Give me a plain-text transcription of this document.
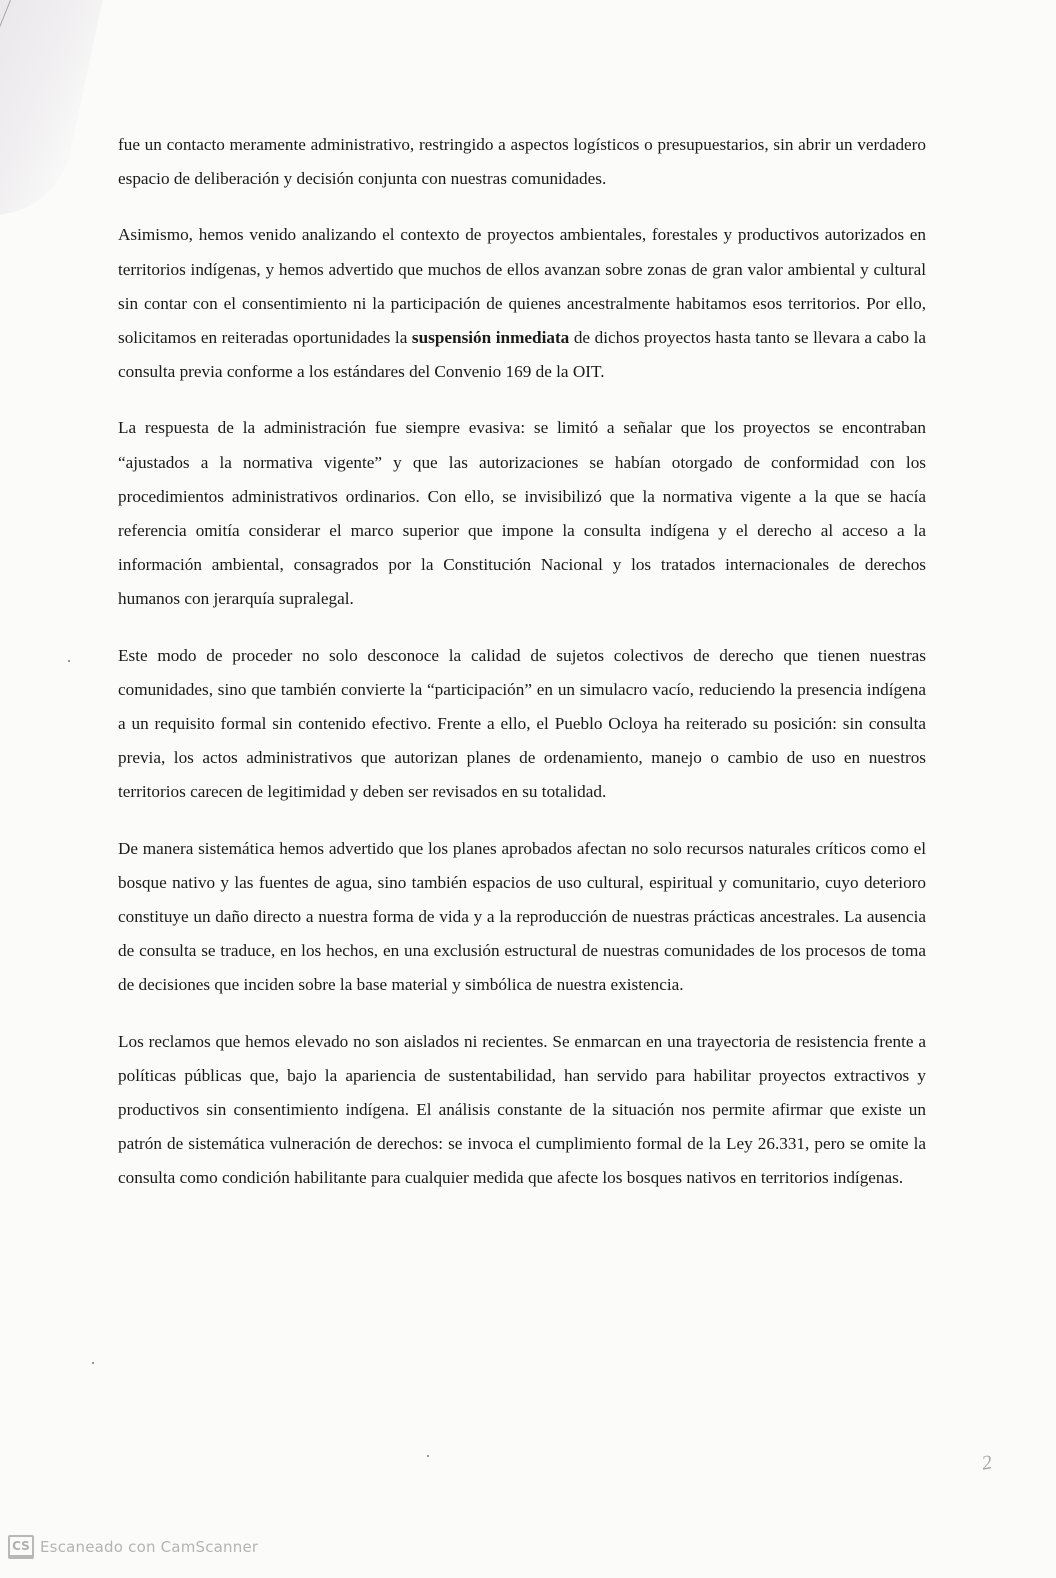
fue un contacto meramente administrativo, restringido a aspectos logísticos o presupuestarios, sin abrir un verdadero espacio de deliberación y decisión conjunta con nuestras comunidades.

Asimismo, hemos venido analizando el contexto de proyectos ambientales, forestales y productivos autorizados en territorios indígenas, y hemos advertido que muchos de ellos avanzan sobre zonas de gran valor ambiental y cultural sin contar con el consentimiento ni la participación de quienes ancestralmente habitamos esos territorios. Por ello, solicitamos en reiteradas oportunidades la suspensión inmediata de dichos proyectos hasta tanto se llevara a cabo la consulta previa conforme a los estándares del Convenio 169 de la OIT.

La respuesta de la administración fue siempre evasiva: se limitó a señalar que los proyectos se encontraban “ajustados a la normativa vigente” y que las autorizaciones se habían otorgado de conformidad con los procedimientos administrativos ordinarios. Con ello, se invisibilizó que la normativa vigente a la que se hacía referencia omitía considerar el marco superior que impone la consulta indígena y el derecho al acceso a la información ambiental, consagrados por la Constitución Nacional y los tratados internacionales de derechos humanos con jerarquía supralegal.

Este modo de proceder no solo desconoce la calidad de sujetos colectivos de derecho que tienen nuestras comunidades, sino que también convierte la “participación” en un simulacro vacío, reduciendo la presencia indígena a un requisito formal sin contenido efectivo. Frente a ello, el Pueblo Ocloya ha reiterado su posición: sin consulta previa, los actos administrativos que autorizan planes de ordenamiento, manejo o cambio de uso en nuestros territorios carecen de legitimidad y deben ser revisados en su totalidad.

De manera sistemática hemos advertido que los planes aprobados afectan no solo recursos naturales críticos como el bosque nativo y las fuentes de agua, sino también espacios de uso cultural, espiritual y comunitario, cuyo deterioro constituye un daño directo a nuestra forma de vida y a la reproducción de nuestras prácticas ancestrales. La ausencia de consulta se traduce, en los hechos, en una exclusión estructural de nuestras comunidades de los procesos de toma de decisiones que inciden sobre la base material y simbólica de nuestra existencia.

Los reclamos que hemos elevado no son aislados ni recientes. Se enmarcan en una trayectoria de resistencia frente a políticas públicas que, bajo la apariencia de sustentabilidad, han servido para habilitar proyectos extractivos y productivos sin consentimiento indígena. El análisis constante de la situación nos permite afirmar que existe un patrón de sistemática vulneración de derechos: se invoca el cumplimiento formal de la Ley 26.331, pero se omite la consulta como condición habilitante para cualquier medida que afecte los bosques nativos en territorios indígenas.

2
CS Escaneado con CamScanner
